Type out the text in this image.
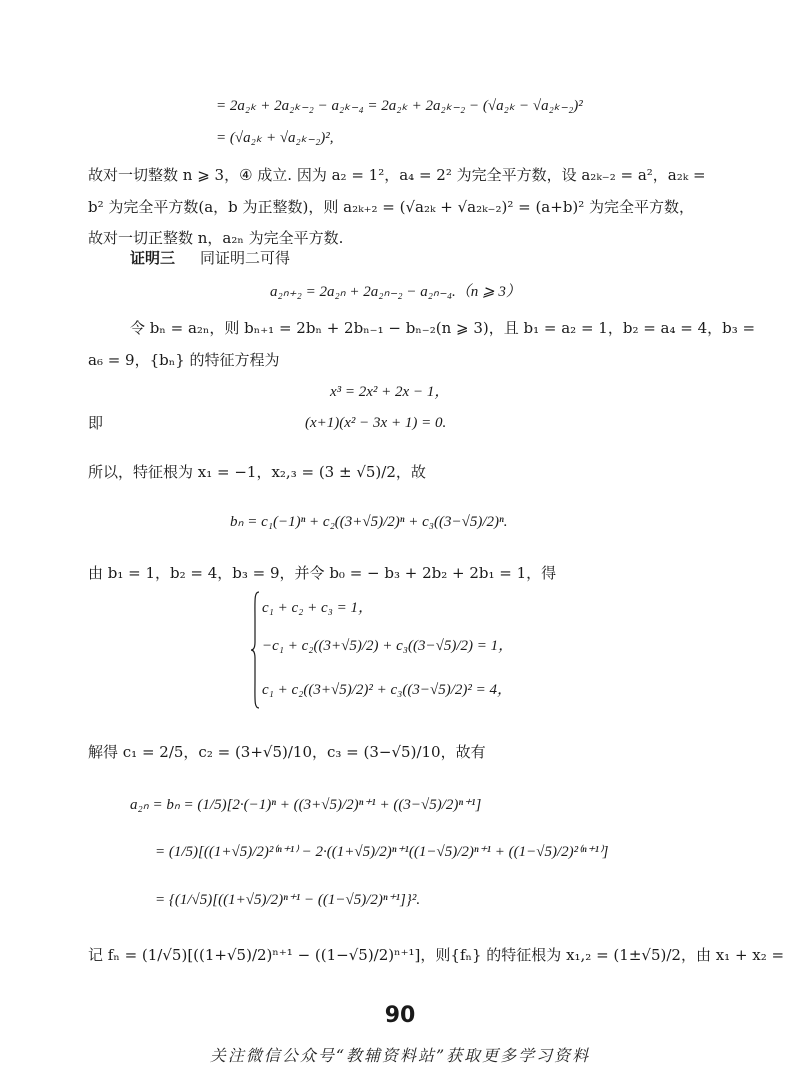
= 2a₂ₖ + 2a₂ₖ₋₂ − a₂ₖ₋₄ = 2a₂ₖ + 2a₂ₖ₋₂ − (√a₂ₖ − √a₂ₖ₋₂)²
= (√a₂ₖ + √a₂ₖ₋₂)²,
故对一切整数 n ⩾ 3，④ 成立. 因为 a₂ = 1²，a₄ = 2² 为完全平方数，设 a₂ₖ₋₂ = a²，a₂ₖ =
b² 为完全平方数(a，b 为正整数)，则 a₂ₖ₊₂ = (√a₂ₖ + √a₂ₖ₋₂)² = (a+b)² 为完全平方数，
故对一切正整数 n，a₂ₙ 为完全平方数.
证明三 同证明二可得
a₂ₙ₊₂ = 2a₂ₙ + 2a₂ₙ₋₂ − a₂ₙ₋₄.（n ⩾ 3）
令 bₙ = a₂ₙ，则 bₙ₊₁ = 2bₙ + 2bₙ₋₁ − bₙ₋₂(n ⩾ 3)，且 b₁ = a₂ = 1，b₂ = a₄ = 4，b₃ =
a₆ = 9，{bₙ} 的特征方程为
x³ = 2x² + 2x − 1，
即	(x+1)(x² − 3x + 1) = 0.
所以，特征根为 x₁ = −1，x₂,₃ = (3 ± √5)/2，故
bₙ = c₁(−1)ⁿ + c₂((3+√5)/2)ⁿ + c₃((3−√5)/2)ⁿ.
由 b₁ = 1，b₂ = 4，b₃ = 9，并令 b₀ = − b₃ + 2b₂ + 2b₁ = 1，得
c₁ + c₂ + c₃ = 1，
−c₁ + c₂((3+√5)/2) + c₃((3−√5)/2) = 1，
c₁ + c₂((3+√5)/2)² + c₃((3−√5)/2)² = 4，
解得 c₁ = 2/5，c₂ = (3+√5)/10，c₃ = (3−√5)/10，故有
a₂ₙ = bₙ = (1/5)[2·(−1)ⁿ + ((3+√5)/2)ⁿ⁺¹ + ((3−√5)/2)ⁿ⁺¹]
= (1/5)[((1+√5)/2)²⁽ⁿ⁺¹⁾ − 2·((1+√5)/2)ⁿ⁺¹((1−√5)/2)ⁿ⁺¹ + ((1−√5)/2)²⁽ⁿ⁺¹⁾]
= {(1/√5)[((1+√5)/2)ⁿ⁺¹ − ((1−√5)/2)ⁿ⁺¹]}².
记 fₙ = (1/√5)[((1+√5)/2)ⁿ⁺¹ − ((1−√5)/2)ⁿ⁺¹]，则{fₙ} 的特征根为 x₁,₂ = (1±√5)/2，由 x₁ + x₂ =
90
关注微信公众号“教辅资料站”获取更多学习资料
